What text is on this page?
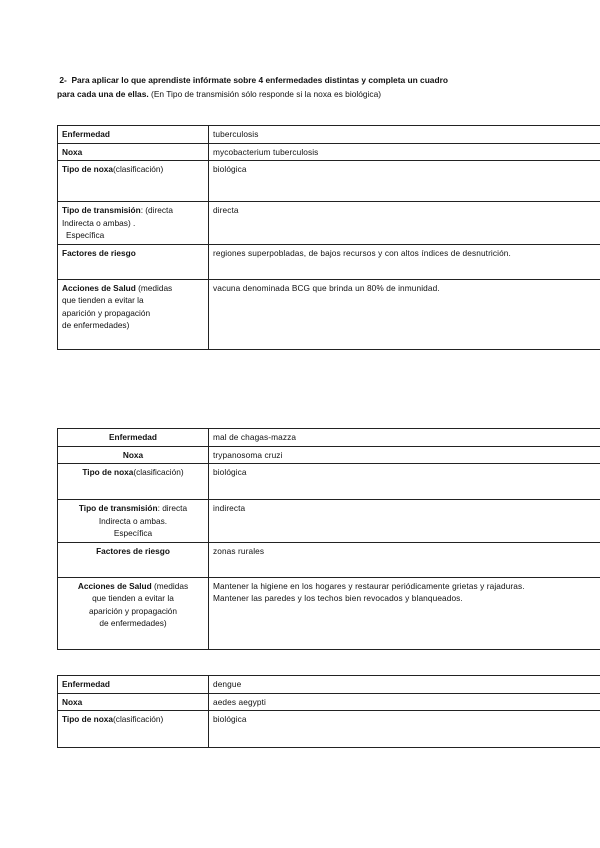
2- Para aplicar lo que aprendiste infórmate sobre 4 enfermedades distintas y completa un cuadro
para cada una de ellas. (En Tipo de transmisión sólo responde si la noxa es biológica)
Enfermedad	tuberculosis
Noxa	mycobacterium tuberculosis
Tipo de noxa(clasificación)	biológica
Tipo de transmisión: (directa
Indirecta o ambas) .
Específica	directa
Factores de riesgo	regiones superpobladas, de bajos recursos y con altos índices de desnutrición.
Acciones de Salud (medidas
que tienden a evitar la
aparición y propagación
de enfermedades)	vacuna denominada BCG que brinda un 80% de inmunidad.
Enfermedad	mal de chagas-mazza
Noxa	trypanosoma cruzi
Tipo de noxa(clasificación)	biológica
Tipo de transmisión: directa
Indirecta o ambas.
Específica	indirecta
Factores de riesgo	zonas rurales
Acciones de Salud (medidas
que tienden a evitar la
aparición y propagación
de enfermedades)	Mantener la higiene en los hogares y restaurar periódicamente grietas y rajaduras.
Mantener las paredes y los techos bien revocados y blanqueados.
Enfermedad	dengue
Noxa	aedes aegypti
Tipo de noxa(clasificación)	biológica
